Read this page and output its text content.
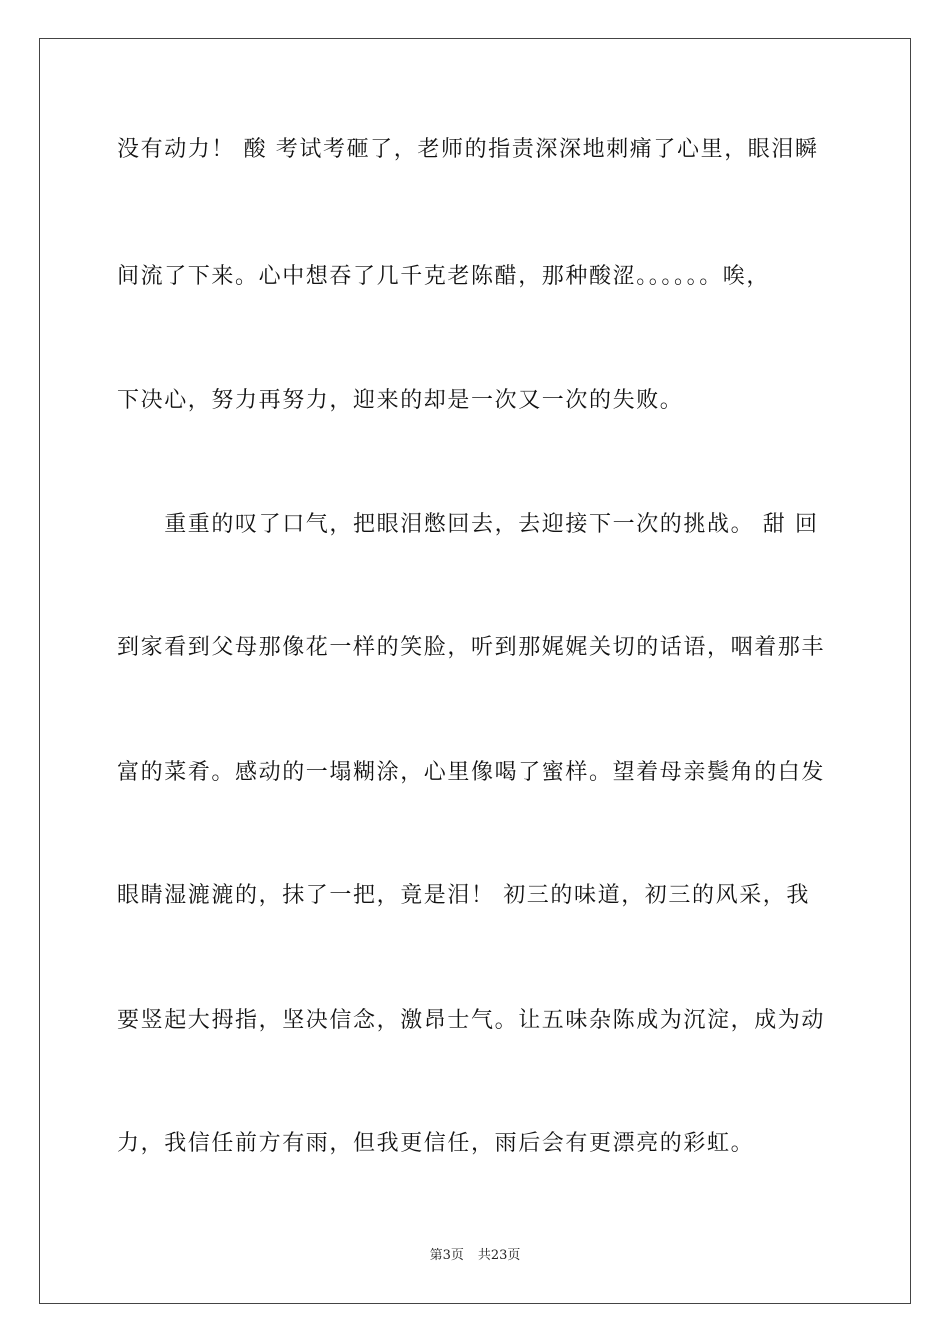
没有动力！ 酸 考试考砸了，老师的指责深深地刺痛了心里，眼泪瞬
间流了下来。心中想吞了几千克老陈醋，那种酸涩。。。。。。唉，
下决心，努力再努力，迎来的却是一次又一次的失败。
　　重重的叹了口气，把眼泪憋回去，去迎接下一次的挑战。 甜 回
到家看到父母那像花一样的笑脸，听到那娓娓关切的话语，咽着那丰
富的菜肴。感动的一塌糊涂，心里像喝了蜜样。望着母亲鬓角的白发
眼睛湿漉漉的，抹了一把，竟是泪！ 初三的味道，初三的风采，我
要竖起大拇指，坚决信念，激昂士气。让五味杂陈成为沉淀，成为动
力，我信任前方有雨，但我更信任，雨后会有更漂亮的彩虹。
第3页 共23页
